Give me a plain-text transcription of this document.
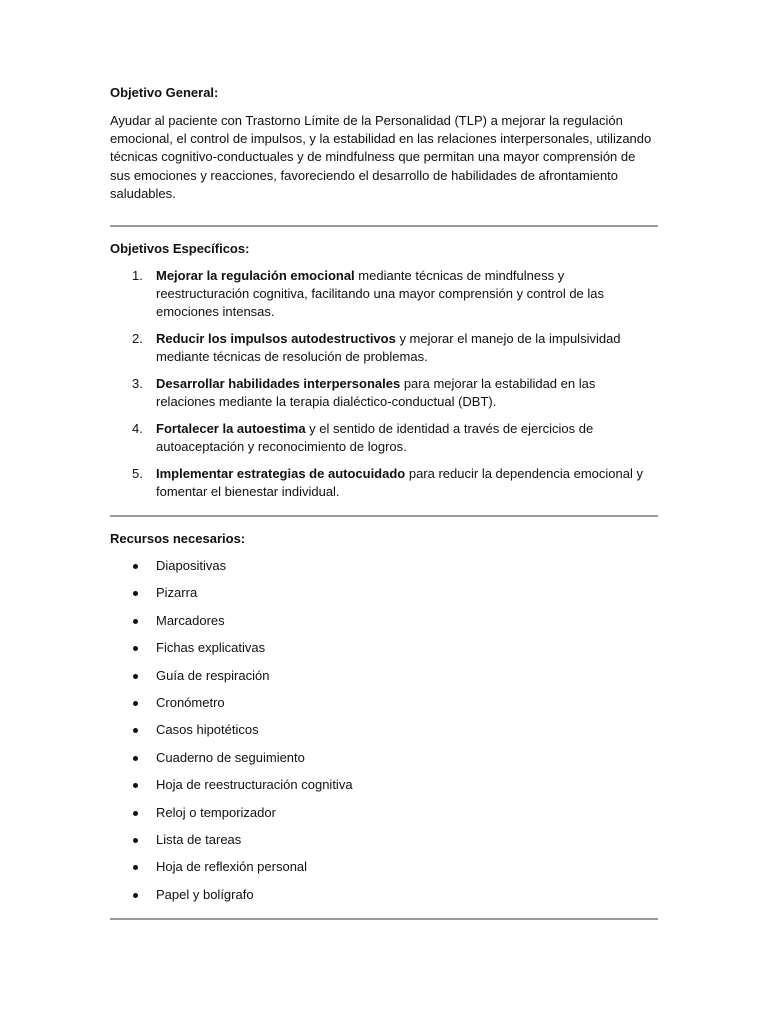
Objetivo General:

Ayudar al paciente con Trastorno Límite de la Personalidad (TLP) a mejorar la regulación emocional, el control de impulsos, y la estabilidad en las relaciones interpersonales, utilizando técnicas cognitivo-conductuales y de mindfulness que permitan una mayor comprensión de sus emociones y reacciones, favoreciendo el desarrollo de habilidades de afrontamiento saludables.

Objetivos Específicos:

1. Mejorar la regulación emocional mediante técnicas de mindfulness y reestructuración cognitiva, facilitando una mayor comprensión y control de las emociones intensas.
2. Reducir los impulsos autodestructivos y mejorar el manejo de la impulsividad mediante técnicas de resolución de problemas.
3. Desarrollar habilidades interpersonales para mejorar la estabilidad en las relaciones mediante la terapia dialéctico-conductual (DBT).
4. Fortalecer la autoestima y el sentido de identidad a través de ejercicios de autoaceptación y reconocimiento de logros.
5. Implementar estrategias de autocuidado para reducir la dependencia emocional y fomentar el bienestar individual.

Recursos necesarios:

Diapositivas
Pizarra
Marcadores
Fichas explicativas
Guía de respiración
Cronómetro
Casos hipotéticos
Cuaderno de seguimiento
Hoja de reestructuración cognitiva
Reloj o temporizador
Lista de tareas
Hoja de reflexión personal
Papel y bolígrafo
